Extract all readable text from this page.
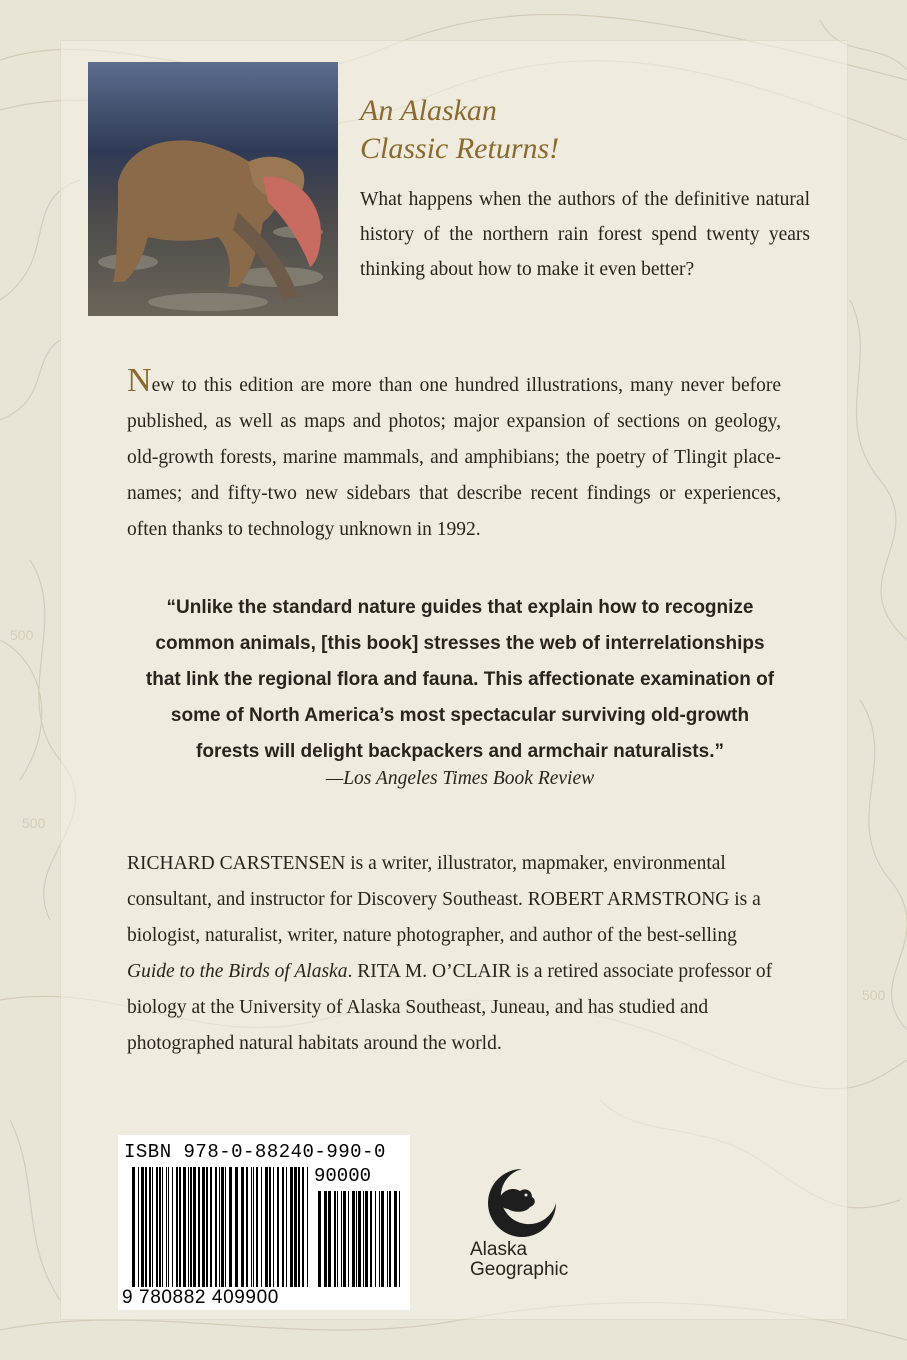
500
500
500
An Alaskan
Classic Returns!
What happens when the authors of the definitive natural history of the northern rain forest spend twenty years thinking about how to make it even better?
New to this edition are more than one hundred illustrations, many never before published, as well as maps and photos; major expansion of sections on geology, old-growth forests, marine mammals, and amphibians; the poetry of Tlingit place-names; and fifty-two new sidebars that describe recent findings or experiences, often thanks to technology unknown in 1992.
“Unlike the standard nature guides that explain how to recognize common animals, [this book] stresses the web of interrelationships that link the regional flora and fauna. This affectionate examination of some of North America’s most spectacular surviving old-growth forests will delight backpackers and armchair naturalists.”
—Los Angeles Times Book Review
RICHARD CARSTENSEN is a writer, illustrator, mapmaker, environmental consultant, and instructor for Discovery Southeast. ROBERT ARMSTRONG is a biologist, naturalist, writer, nature photographer, and author of the best-selling Guide to the Birds of Alaska. RITA M. O’CLAIR is a retired associate professor of biology at the University of Alaska Southeast, Juneau, and has studied and photographed natural habitats around the world.
ISBN 978-0-88240-990-0
90000
9 780882 409900
Alaska
Geographic
